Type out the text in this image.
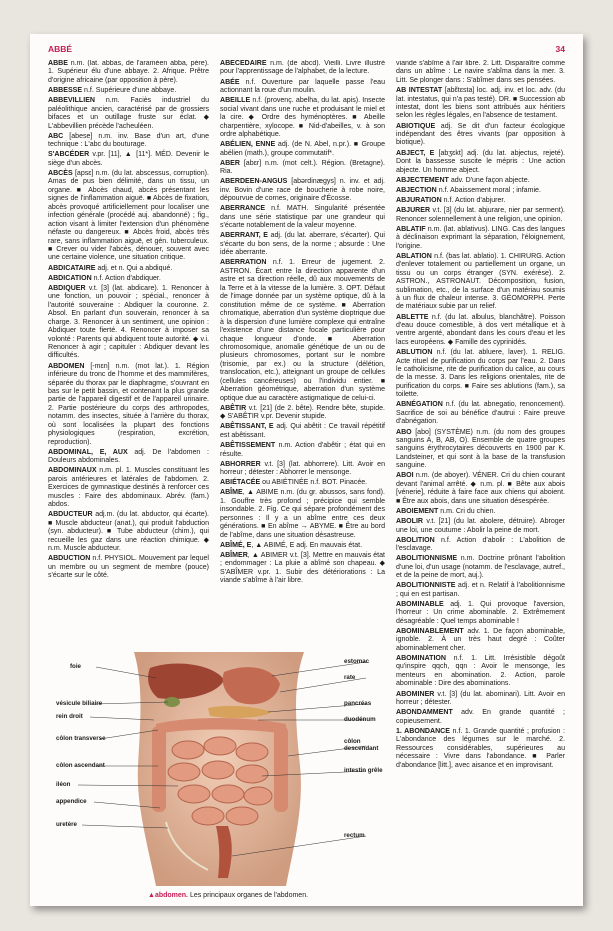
ABBÉ	34

ABBÉ n.m. (lat. abbas, de l'araméen abba, père). 1. Supérieur élu d'une abbaye. 2. Afrique. Prêtre d'origine africaine (par opposition à père).

ABBESSE n.f. Supérieure d'une abbaye.

ABBEVILLIEN n.m. Faciès industriel du paléolithique ancien, caractérisé par de grossiers bifaces et un outillage fruste sur éclat. ◆ L'abbevillien précède l'acheuléen.

ABC [abese] n.m. inv. Base d'un art, d'une technique : L'abc du bouturage.

S'ABCÉDER v.pr. [11], ▲ [11*]. MÉD. Devenir le siège d'un abcès.

ABCÈS [apsɛ] n.m. (du lat. abscessus, corruption). Amas de pus bien délimité, dans un tissu, un organe. ■ Abcès chaud, abcès présentant les signes de l'inflammation aiguë. ■ Abcès de fixation, abcès provoqué artificiellement pour localiser une infection générale (procédé auj. abandonné) ; fig., action visant à limiter l'extension d'un phénomène néfaste ou dangereux. ■ Abcès froid, abcès très rare, sans inflammation aiguë, et gén. tuberculeux. ■ Crever ou vider l'abcès, dénouer, souvent avec une certaine violence, une situation critique.

ABDICATAIRE adj. et n. Qui a abdiqué.

ABDICATION n.f. Action d'abdiquer.

ABDIQUER v.t. [3] (lat. abdicare). 1. Renoncer à une fonction, un pouvoir ; spécial., renoncer à l'autorité souveraine : Abdiquer la couronne. 2. Absol. En parlant d'un souverain, renoncer à sa charge. 3. Renoncer à un sentiment, une opinion : Abdiquer toute fierté. 4. Renoncer à imposer sa volonté : Parents qui abdiquent toute autorité. ◆ v.i. Renoncer à agir ; capituler : Abdiquer devant les difficultés.

ABDOMEN [-mɛn] n.m. (mot lat.). 1. Région inférieure du tronc de l'homme et des mammifères, séparée du thorax par le diaphragme, s'ouvrant en bas sur le petit bassin, et contenant la plus grande partie de l'appareil digestif et de l'appareil urinaire. 2. Partie postérieure du corps des arthropodes, notamm. des insectes, située à l'arrière du thorax, où sont localisées la plupart des fonctions physiologiques (respiration, excrétion, reproduction).

ABDOMINAL, E, AUX adj. De l'abdomen : Douleurs abdominales.

ABDOMINAUX n.m. pl. 1. Muscles constituant les parois antérieures et latérales de l'abdomen. 2. Exercices de gymnastique destinés à renforcer ces muscles : Faire des abdominaux. Abrév. (fam.) abdos.

ABDUCTEUR adj.m. (du lat. abductor, qui écarte). ■ Muscle abducteur (anat.), qui produit l'abduction (syn. abducteur). ■ Tube abducteur (chim.), qui recueille les gaz dans une réaction chimique. ◆ n.m. Muscle abducteur.

ABDUCTION n.f. PHYSIOL. Mouvement par lequel un membre ou un segment de membre (pouce) s'écarte sur le côté.

ABÉCÉDAIRE n.m. (de abcd). Vieilli. Livre illustré pour l'apprentissage de l'alphabet, de la lecture.

ABÉE n.f. Ouverture par laquelle passe l'eau actionnant la roue d'un moulin.

ABEILLE n.f. (provenç. abelha, du lat. apis). Insecte social vivant dans une ruche et produisant le miel et la cire. ◆ Ordre des hyménoptères. ■ Abeille charpentière, xylocope. ■ Nid-d'abeilles, v. à son ordre alphabétique.

ABÉLIEN, ENNE adj. (de N. Abel, n.pr.). ■ Groupe abélien (math.), groupe commutatif*.

ABER [abɛr] n.m. (mot celt.). Région. (Bretagne). Ria.

ABERDEEN-ANGUS [abərdinægys] n. inv. et adj. inv. Bovin d'une race de boucherie à robe noire, dépourvue de cornes, originaire d'Écosse.

ABERRANCE n.f. MATH. Singularité présentée dans une série statistique par une grandeur qui s'écarte notablement de la valeur moyenne.

ABERRANT, E adj. (du lat. aberrare, s'écarter). Qui s'écarte du bon sens, de la norme ; absurde : Une idée aberrante.

ABERRATION n.f. 1. Erreur de jugement. 2. ASTRON. Écart entre la direction apparente d'un astre et sa direction réelle, dû aux mouvements de la Terre et à la vitesse de la lumière. 3. OPT. Défaut de l'image donnée par un système optique, dû à la constitution même de ce système. ■ Aberration chromatique, aberration d'un système dioptrique due à la dispersion d'une lumière complexe qui entraîne l'existence d'une distance focale particulière pour chaque longueur d'onde. ■ Aberration chromosomique, anomalie génétique de un ou de plusieurs chromosomes, portant sur le nombre (trisomie, par ex.) ou la structure (délétion, translocation, etc.), atteignant un groupe de cellules (cellules cancéreuses) ou l'individu entier. ■ Aberration géométrique, aberration d'un système optique due au caractère astigmatique de celui-ci.

ABÊTIR v.t. [21] (de 2. bête). Rendre bête, stupide. ◆ S'ABÊTIR v.pr. Devenir stupide.

ABÊTISSANT, E adj. Qui abêtit : Ce travail répétitif est abêtissant.

ABÊTISSEMENT n.m. Action d'abêtir ; état qui en résulte.

ABHORRER v.t. [3] (lat. abhorrere). Litt. Avoir en horreur ; détester : Abhorrer le mensonge.

ABIÉTACÉE ou ABIÉTINÉE n.f. BOT. Pinacée.

ABÎME, ▲ ABIME n.m. (du gr. abussos, sans fond). 1. Gouffre très profond ; précipice qui semble insondable. 2. Fig. Ce qui sépare profondément des personnes : Il y a un abîme entre ces deux générations. ■ En abîme → ABYME. ■ Être au bord de l'abîme, dans une situation désastreuse.

ABÎMÉ, E, ▲ ABIMÉ, E adj. En mauvais état.

ABÎMER, ▲ ABIMER v.t. [3]. Mettre en mauvais état ; endommager : La pluie a abîmé son chapeau. ◆ S'ABÎMER v.pr. 1. Subir des détériorations : La viande s'abîme à l'air libre.

viande s'abîme à l'air libre. 2. Litt. Disparaître comme dans un abîme : Le navire s'abîma dans la mer. 3. Litt. Se plonger dans : S'abîmer dans ses pensées.

AB INTESTAT [abɛ̃tɛsta] loc. adj. inv. et loc. adv. (du lat. intestatus, qui n'a pas testé). DR. ■ Succession ab intestat, dont les biens sont attribués aux héritiers selon les règles légales, en l'absence de testament.

ABIOTIQUE adj. Se dit d'un facteur écologique indépendant des êtres vivants (par opposition à biotique).

ABJECT, E [abʒɛkt] adj. (du lat. abjectus, rejeté). Dont la bassesse suscite le mépris : Une action abjecte. Un homme abject.

ABJECTEMENT adv. D'une façon abjecte.

ABJECTION n.f. Abaissement moral ; infamie.

ABJURATION n.f. Action d'abjurer.

ABJURER v.t. [3] (du lat. abjurare, nier par serment). Renoncer solennellement à une religion, une opinion.

ABLATIF n.m. (lat. ablativus). LING. Cas des langues à déclinaison exprimant la séparation, l'éloignement, l'origine.

ABLATION n.f. (bas lat. ablatio). 1. CHIRURG. Action d'enlever totalement ou partiellement un organe, un tissu ou un corps étranger (SYN. exérèse). 2. ASTRON., ASTRONAUT. Décomposition, fusion, sublimation, etc., de la surface d'un matériau soumis à un flux de chaleur intense. 3. GÉOMORPH. Perte de matériaux subie par un relief.

ABLETTE n.f. (du lat. albulus, blanchâtre). Poisson d'eau douce comestible, à dos vert métallique et à ventre argenté, abondant dans les cours d'eau et les lacs européens. ◆ Famille des cyprinidés.

ABLUTION n.f. (du lat. abluere, laver). 1. RELIG. Acte rituel de purification du corps par l'eau. 2. Dans le catholicisme, rite de purification du calice, au cours de la messe. 3. Dans les religions orientales, rite de purification du corps. ■ Faire ses ablutions (fam.), sa toilette.

ABNÉGATION n.f. (du lat. abnegatio, renoncement). Sacrifice de soi au bénéfice d'autrui : Faire preuve d'abnégation.

ABO [abo] (SYSTÈME) n.m. (du nom des groupes sanguins A, B, AB, O). Ensemble de quatre groupes sanguins érythrocytaires découverts en 1900 par K. Landsteiner, et qui sont à la base de la transfusion sanguine.

ABOI n.m. (de aboyer). VÉNER. Cri du chien courant devant l'animal arrêté. ◆ n.m. pl. ■ Bête aux abois [vénerie], réduite à faire face aux chiens qui aboient. ■ Être aux abois, dans une situation désespérée.

ABOIEMENT n.m. Cri du chien.

ABOLIR v.t. [21] (du lat. abolere, détruire). Abroger une loi, une coutume : Abolir la peine de mort.

ABOLITION n.f. Action d'abolir : L'abolition de l'esclavage.

ABOLITIONNISME n.m. Doctrine prônant l'abolition d'une loi, d'un usage (notamm. de l'esclavage, autref., et de la peine de mort, auj.).

ABOLITIONNISTE adj. et n. Relatif à l'abolitionnisme ; qui en est partisan.

ABOMINABLE adj. 1. Qui provoque l'aversion, l'horreur : Un crime abominable. 2. Extrêmement désagréable : Quel temps abominable !

ABOMINABLEMENT adv. 1. De façon abominable, ignoble. 2. À un très haut degré : Coûter abominablement cher.

ABOMINATION n.f. 1. Litt. Irrésistible dégoût qu'inspire qqch, qqn : Avoir le mensonge, les menteurs en abomination. 2. Action, parole abominable : Dire des abominations.

ABOMINER v.t. [3] (du lat. abominari). Litt. Avoir en horreur ; détester.

ABONDAMMENT adv. En grande quantité ; copieusement.

1. ABONDANCE n.f. 1. Grande quantité ; profusion : L'abondance des légumes sur le marché. 2. Ressources considérables, supérieures au nécessaire : Vivre dans l'abondance. ■ Parler d'abondance [litt.], avec aisance et en improvisant.

foie
vésicule biliaire
rein droit
côlon transverse
côlon ascendant
iléon
appendice
uretère
estomac
rate
pancréas
duodénum
côlon descendant
intestin grêle
rectum
▲abdomen. Les principaux organes de l'abdomen.
